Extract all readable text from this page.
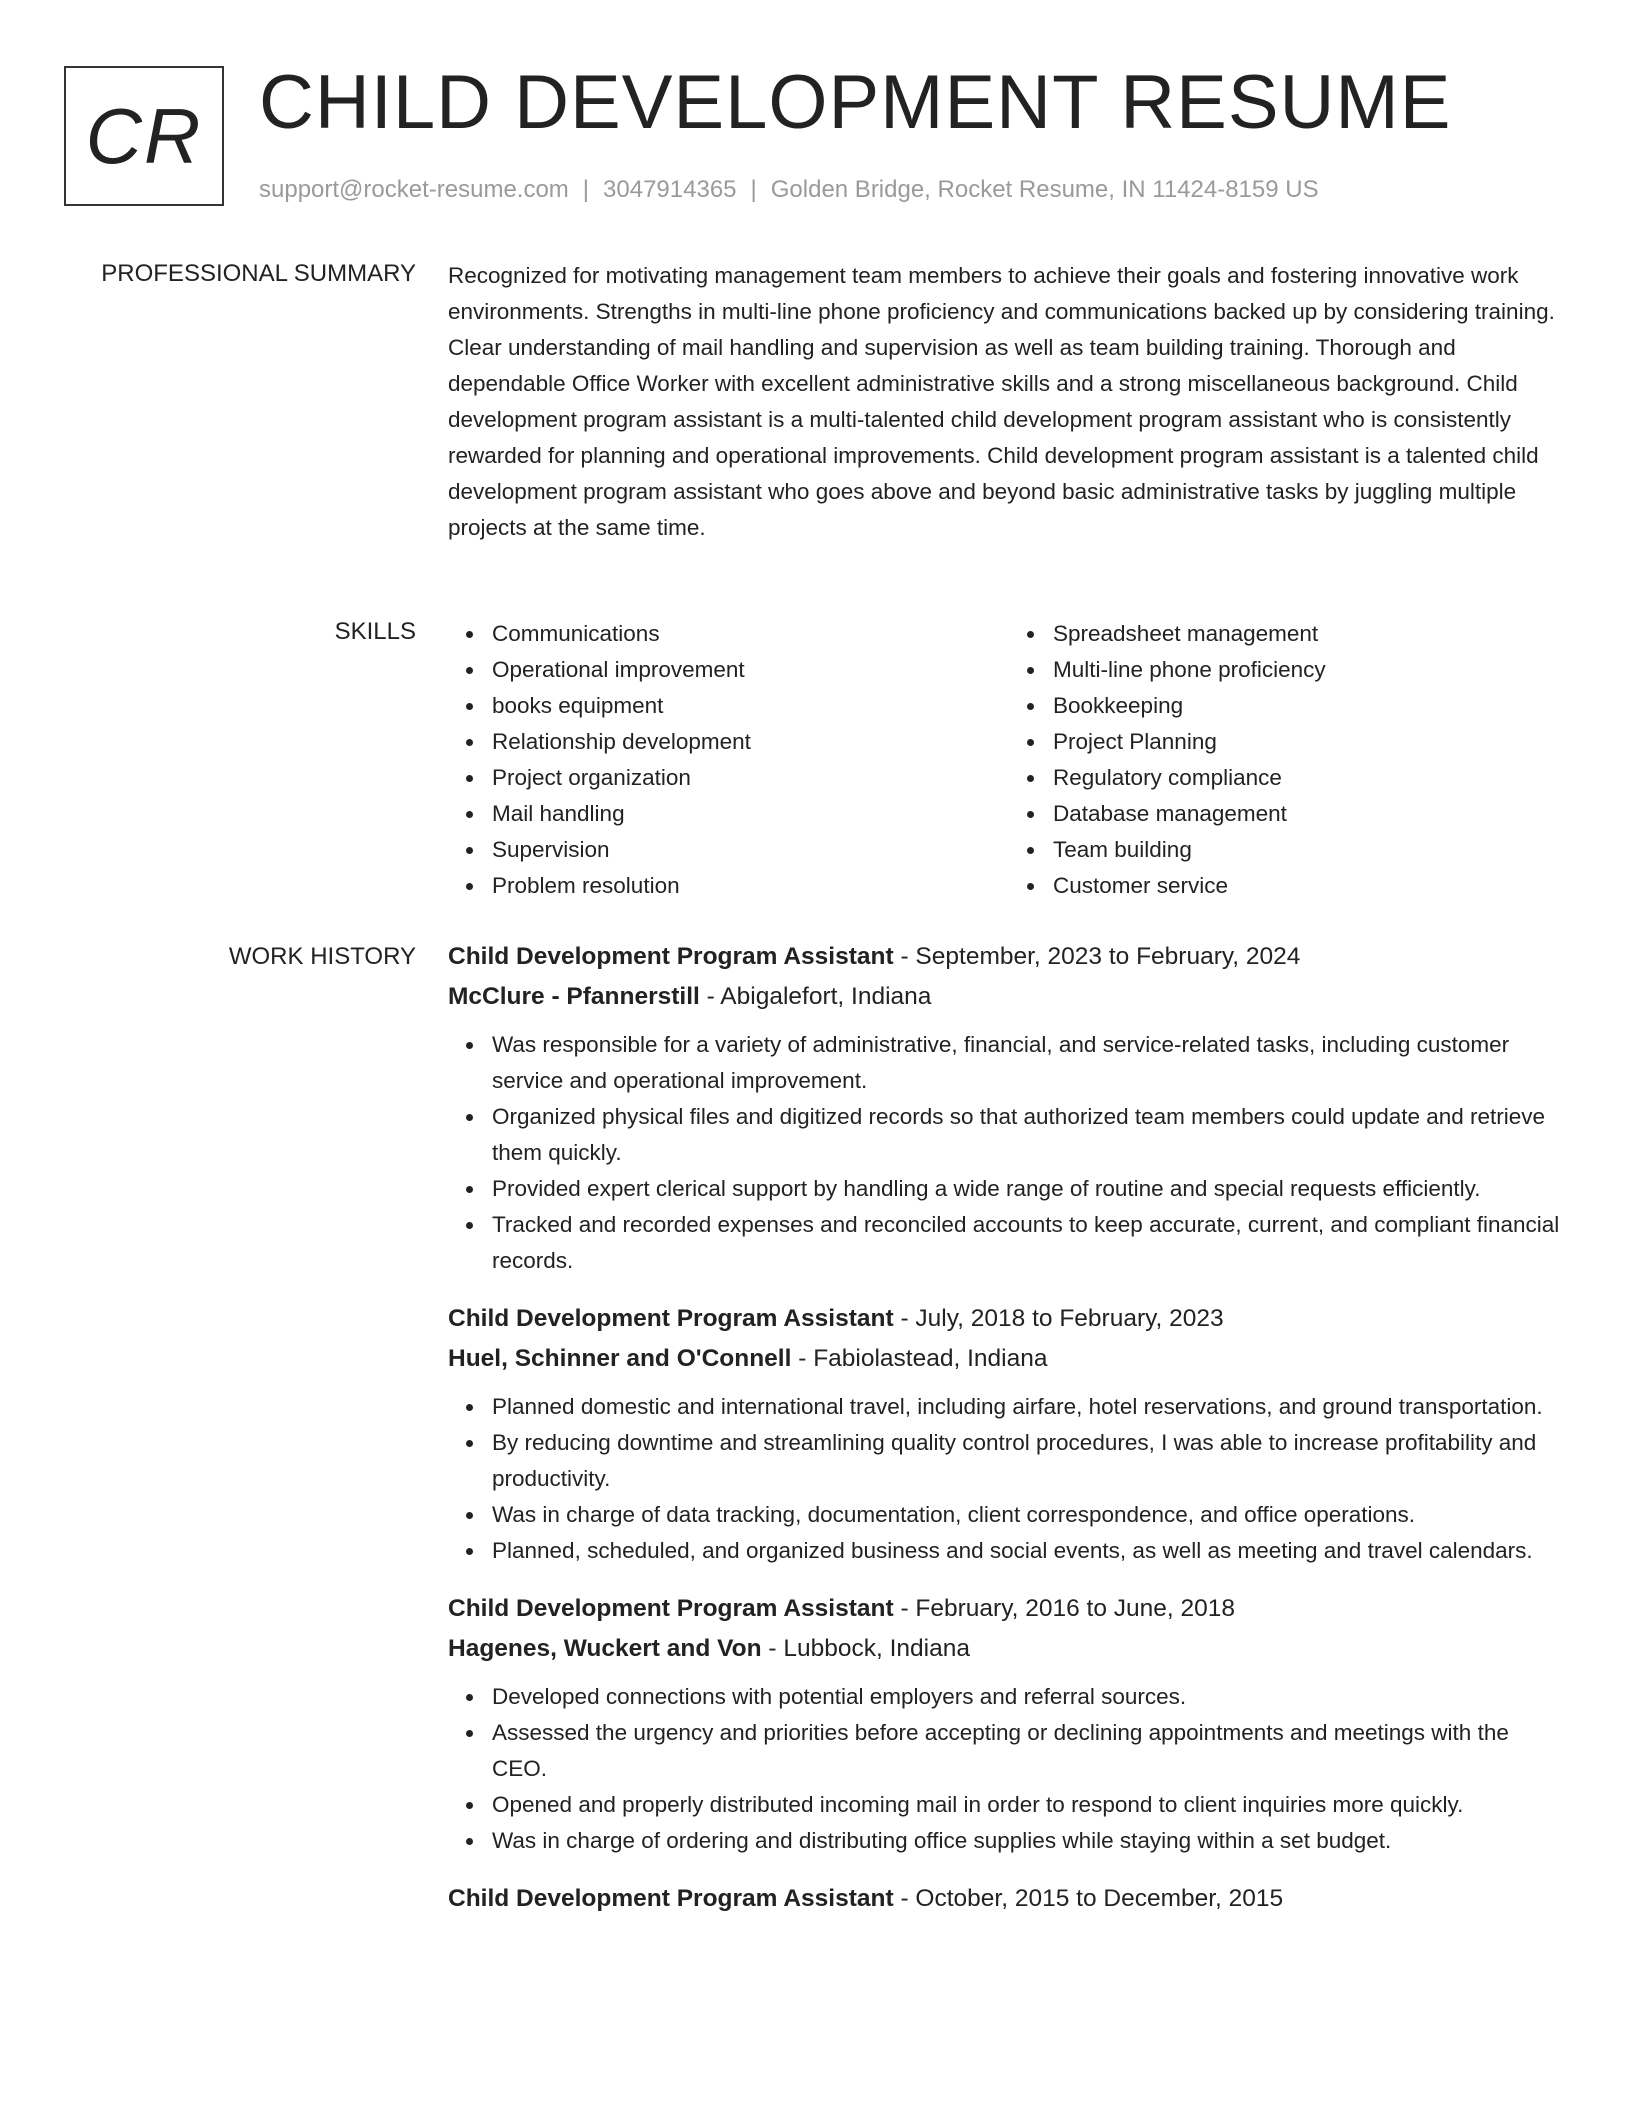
CR CHILD DEVELOPMENT RESUME
support@rocket-resume.com | 3047914365 | Golden Bridge, Rocket Resume, IN 11424-8159 US
PROFESSIONAL SUMMARY Recognized for motivating management team members to achieve their goals and fostering innovative work environments. Strengths in multi-line phone proficiency and communications backed up by considering training. Clear understanding of mail handling and supervision as well as team building training. Thorough and dependable Office Worker with excellent administrative skills and a strong miscellaneous background. Child development program assistant is a multi-talented child development program assistant who is consistently rewarded for planning and operational improvements. Child development program assistant is a talented child development program assistant who goes above and beyond basic administrative tasks by juggling multiple projects at the same time.

SKILLS	Communications
Operational improvement
books equipment
Relationship development
Project organization
Mail handling
Supervision
Problem resolution
Spreadsheet management
Multi-line phone proficiency
Bookkeeping
Project Planning
Regulatory compliance
Database management
Team building
Customer service
WORK HISTORY Child Development Program Assistant - September, 2023 to February, 2024
McClure - Pfannerstill - Abigalefort, Indiana
Was responsible for a variety of administrative, financial, and service-related tasks, including customer service and operational improvement.
Organized physical files and digitized records so that authorized team members could update and retrieve them quickly.
Provided expert clerical support by handling a wide range of routine and special requests efficiently.
Tracked and recorded expenses and reconciled accounts to keep accurate, current, and compliant financial records.
Child Development Program Assistant - July, 2018 to February, 2023
Huel, Schinner and O'Connell - Fabiolastead, Indiana
Planned domestic and international travel, including airfare, hotel reservations, and ground transportation.
By reducing downtime and streamlining quality control procedures, I was able to increase profitability and productivity.
Was in charge of data tracking, documentation, client correspondence, and office operations.
Planned, scheduled, and organized business and social events, as well as meeting and travel calendars.
Child Development Program Assistant - February, 2016 to June, 2018
Hagenes, Wuckert and Von - Lubbock, Indiana
Developed connections with potential employers and referral sources.
Assessed the urgency and priorities before accepting or declining appointments and meetings with the CEO.
Opened and properly distributed incoming mail in order to respond to client inquiries more quickly.
Was in charge of ordering and distributing office supplies while staying within a set budget.
Child Development Program Assistant - October, 2015 to December, 2015
